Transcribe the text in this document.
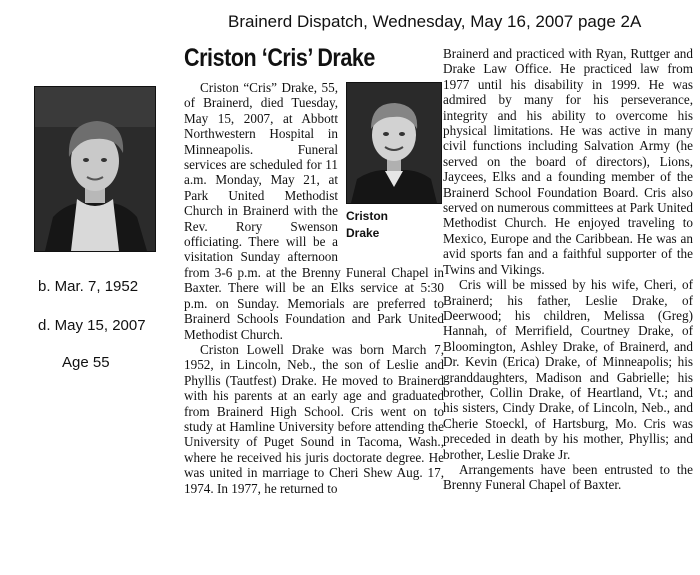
Brainerd Dispatch, Wednesday, May 16, 2007 page 2A
b. Mar. 7, 1952
d. May 15, 2007
Age 55
Criston ‘Cris’ Drake
Criston
Drake

Criston “Cris” Drake, 55, of Brainerd, died Tuesday, May 15, 2007, at Abbott Northwestern Hospital in Minneapolis. Funeral services are scheduled for 11 a.m. Monday, May 21, at Park United Methodist Church in Brainerd with the Rev. Rory Swenson officiating. There will be a visitation Sunday afternoon from 3-6 p.m. at the Brenny Funeral Chapel in Baxter. There will be an Elks service at 5:30 p.m. on Sunday. Memorials are preferred to Brainerd Schools Foundation and Park United Methodist Church.

Criston Lowell Drake was born March 7, 1952, in Lincoln, Neb., the son of Leslie and Phyllis (Tautfest) Drake. He moved to Brainerd with his parents at an early age and graduated from Brainerd High School. Cris went on to study at Hamline University before attending the University of Puget Sound in Tacoma, Wash., where he received his juris doctorate degree. He was united in marriage to Cheri Shew Aug. 17, 1974. In 1977, he returned to

Brainerd and practiced with Ryan, Ruttger and Drake Law Office. He practiced law from 1977 until his disability in 1999. He was admired by many for his perseverance, integrity and his ability to overcome his physical limitations. He was active in many civil functions including Salvation Army (he served on the board of directors), Lions, Jaycees, Elks and a founding member of the Brainerd School Foundation Board. Cris also served on numerous committees at Park United Methodist Church. He enjoyed traveling to Mexico, Europe and the Caribbean. He was an avid sports fan and a faithful supporter of the Twins and Vikings.

Cris will be missed by his wife, Cheri, of Brainerd; his father, Leslie Drake, of Deerwood; his children, Melissa (Greg) Hannah, of Merrifield, Courtney Drake, of Bloomington, Ashley Drake, of Brainerd, and Dr. Kevin (Erica) Drake, of Minneapolis; his granddaughters, Madison and Gabrielle; his brother, Collin Drake, of Heartland, Vt.; and his sisters, Cindy Drake, of Lincoln, Neb., and Cherie Stoeckl, of Hartsburg, Mo. Cris was preceded in death by his mother, Phyllis; and brother, Leslie Drake Jr.

Arrangements have been entrusted to the Brenny Funeral Chapel of Baxter.
